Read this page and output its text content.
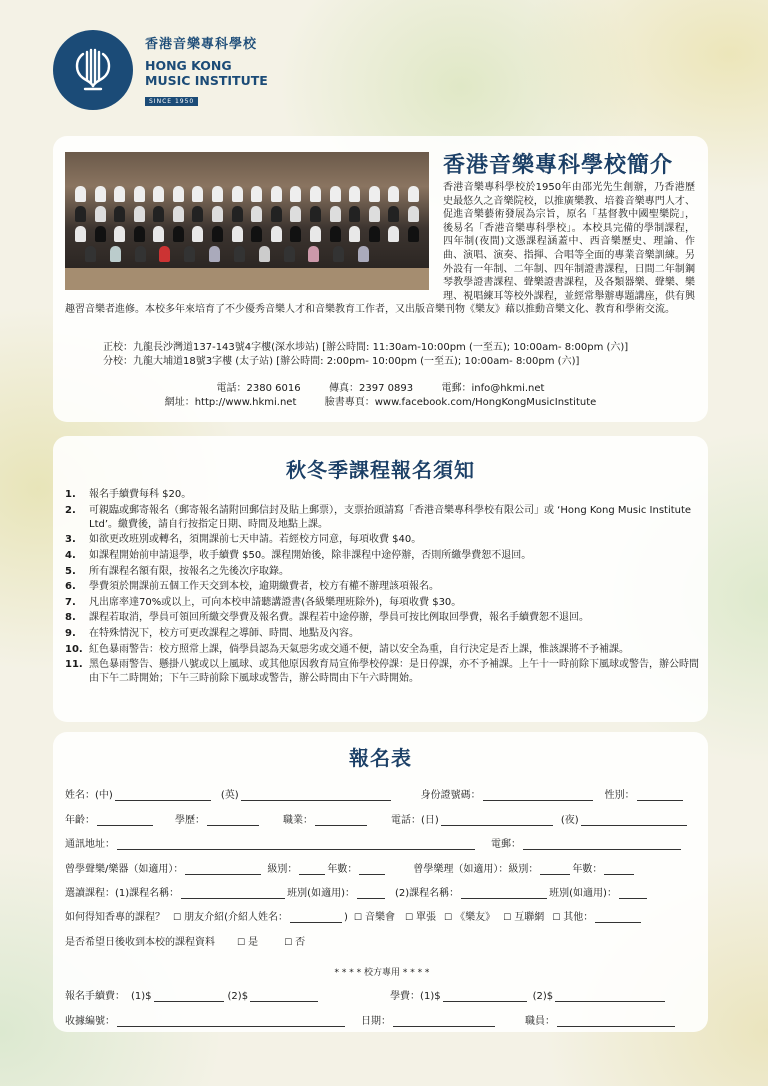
香港音樂專科學校
HONG KONG
MUSIC INSTITUTE
SINCE 1950
香港音樂專科學校簡介
香港音樂專科學校於1950年由邵光先生創辦，乃香港歷史最悠久之音樂院校，以推廣樂教、培養音樂專門人才、促進音樂藝術發展為宗旨，原名「基督教中國聖樂院」，後易名「香港音樂專科學校」。本校具完備的學制課程，四年制(夜間)文憑課程涵蓋中、西音樂歷史、理論、作曲、演唱、演奏、指揮、合唱等全面的專業音樂訓練。另外設有一年制、二年制、四年制證書課程，日間二年制鋼琴教學證書課程、聲樂證書課程，及各類器樂、聲樂、樂理、視唱練耳等校外課程，並經常舉辦專題講座，供有興趣習音樂者進修。本校多年來培育了不少優秀音樂人才和音樂教育工作者，又出版音樂刊物《樂友》藉以推動音樂文化、教育和學術交流。
正校：九龍長沙灣道137-143號4字樓(深水埗站) [辦公時間: 11:30am-10:00pm (一至五); 10:00am- 8:00pm (六)]
分校：九龍大埔道18號3字樓 (太子站) [辦公時間: 2:00pm- 10:00pm (一至五); 10:00am- 8:00pm (六)]
電話：2380 6016	傳真：2397 0893	電郵：info@hkmi.net
網址：http://www.hkmi.net	臉書專頁：www.facebook.com/HongKongMusicInstitute
秋冬季課程報名須知
1.	報名手續費每科 $20。
2.	可親臨或郵寄報名（郵寄報名請附回郵信封及貼上郵票），支票抬頭請寫「香港音樂專科學校有限公司」或 ‘Hong Kong Music Institute Ltd’。繳費後，請自行按指定日期、時間及地點上課。
3.	如欲更改班別或轉名，須開課前七天申請。若經校方同意，每項收費 $40。
4.	如課程開始前申請退學，收手續費 $50。課程開始後，除非課程中途停辦，否則所繳學費恕不退回。
5.	所有課程名額有限，按報名之先後次序取錄。
6.	學費須於開課前五個工作天交到本校，逾期繳費者，校方有權不辦理該項報名。
7.	凡出席率達70%或以上，可向本校申請聽講證書(各級樂理班除外)，每項收費 $30。
8.	課程若取消，學員可領回所繳交學費及報名費。課程若中途停辦，學員可按比例取回學費，報名手續費恕不退回。
9.	在特殊情況下，校方可更改課程之導師、時間、地點及內容。
10. 紅色暴雨警告：校方照常上課，倘學員認為天氣惡劣或交通不便，請以安全為重，自行決定是否上課，惟該課將不予補課。
11. 黑色暴雨警告、懸掛八號或以上風球、或其他原因敎育局宣佈學校停課：是日停課，亦不予補課。上午十一時前除下風球或警告，辦公時間由下午二時開始；下午三時前除下風球或警告，辦公時間由下午六時開始。
報名表
姓名：(中)	(英)	身份證號碼：	性別：
年齡：	學歷：	職業：	電話：(日)	(夜)
通訊地址：	電郵：
曾學聲樂/樂器（如適用）：	級別：	年數：	曾學樂理（如適用）：級別：	年數：
選讀課程：(1)課程名稱：	班別(如適用)：	(2)課程名稱：	班別(如適用)：
如何得知香專的課程？ ☐ 朋友介紹(介紹人姓名：	) ☐ 音樂會 ☐ 單張 ☐ 《樂友》 ☐ 互聯網 ☐ 其他：
是否希望日後收到本校的課程資料 ☐ 是	☐ 否
* * * * 校方專用 * * * *
報名手續費： (1)$	(2)$	學費：(1)$	(2)$
收據編號：	日期：	職員：
